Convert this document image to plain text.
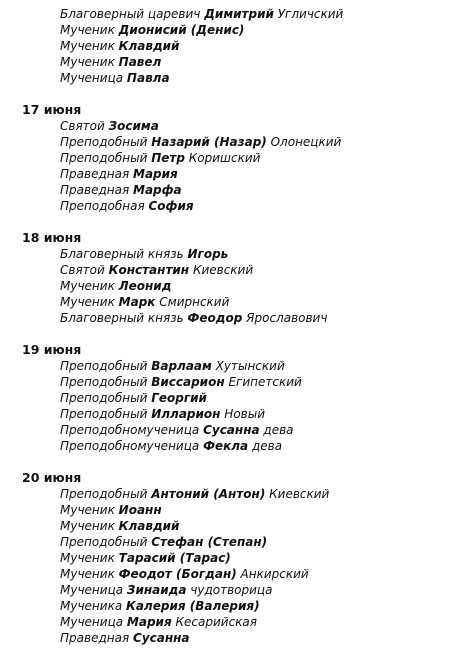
Благоверный царевич Димитрий Угличский
Мученик Дионисий (Денис)
Мученик Клавдий
Мученик Павел
Мученица Павла
17 июня
Святой Зосима
Преподобный Назарий (Назар) Олонецкий
Преподобный Петр Коришский
Праведная Мария
Праведная Марфа
Преподобная София
18 июня
Благоверный князь Игорь
Святой Константин Киевский
Мученик Леонид
Мученик Марк Смирнский
Благоверный князь Феодор Ярославович
19 июня
Преподобный Варлаам Хутынский
Преподобный Виссарион Египетский
Преподобный Георгий
Преподобный Илларион Новый
Преподобномученица Сусанна дева
Преподобномученица Фекла дева
20 июня
Преподобный Антоний (Антон) Киевский
Мученик Иоанн
Мученик Клавдий
Преподобный Стефан (Степан)
Мученик Тарасий (Тарас)
Мученик Феодот (Богдан) Анкирский
Мученица Зинаида чудотворица
Мученика Калерия (Валерия)
Мученица Мария Кесарийская
Праведная Сусанна
